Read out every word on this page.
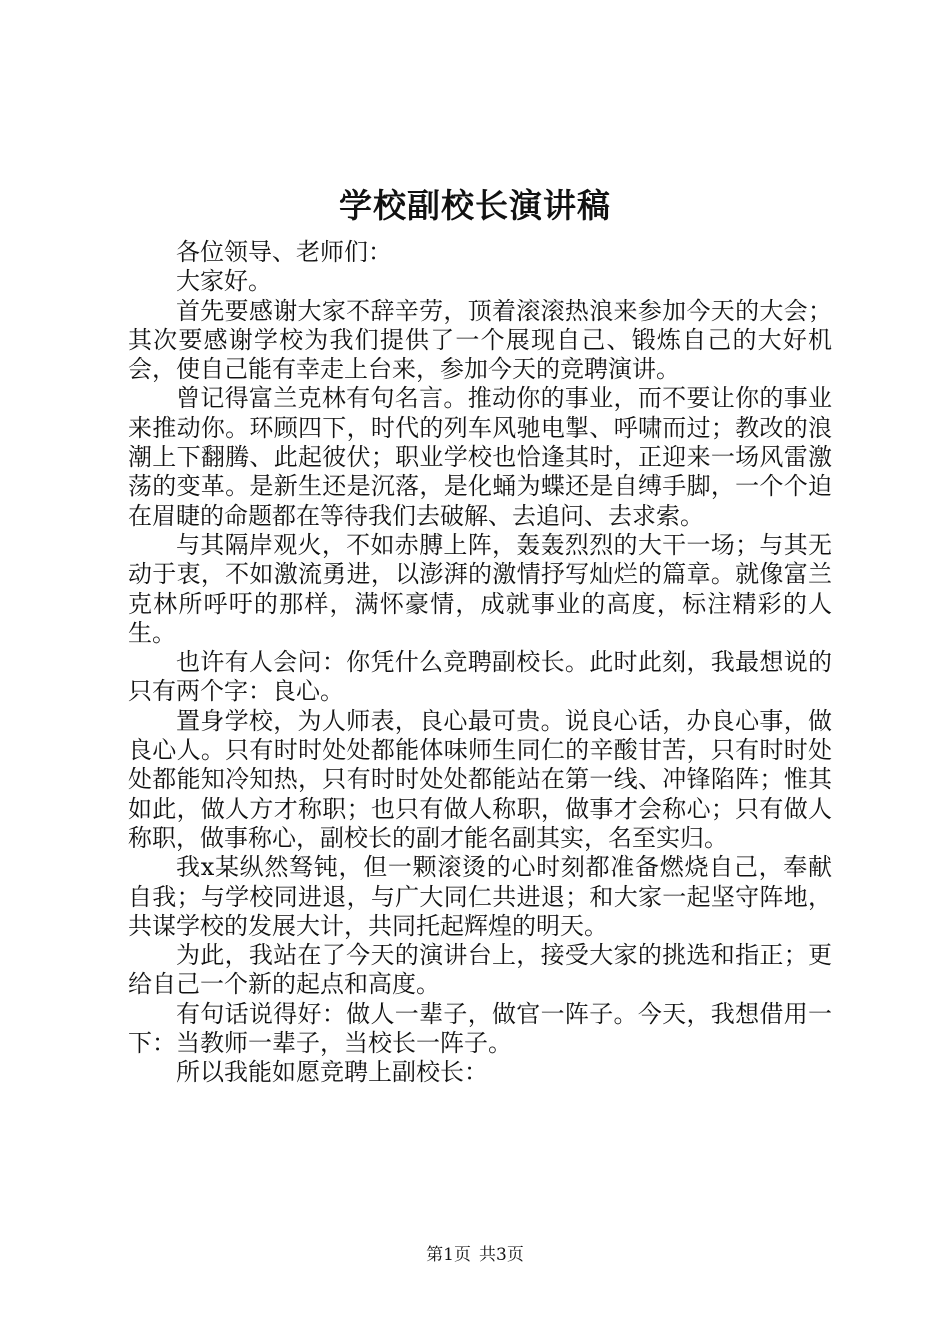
学校副校长演讲稿

各位领导、老师们：

大家好。

首先要感谢大家不辞辛劳，顶着滚滚热浪来参加今天的大会；其次要感谢学校为我们提供了一个展现自己、锻炼自己的大好机会，使自己能有幸走上台来，参加今天的竞聘演讲。

曾记得富兰克林有句名言。推动你的事业，而不要让你的事业来推动你。环顾四下，时代的列车风驰电掣、呼啸而过；教改的浪潮上下翻腾、此起彼伏；职业学校也恰逢其时，正迎来一场风雷激荡的变革。是新生还是沉落，是化蛹为蝶还是自缚手脚，一个个迫在眉睫的命题都在等待我们去破解、去追问、去求索。

与其隔岸观火，不如赤膊上阵，轰轰烈烈的大干一场；与其无动于衷，不如激流勇进，以澎湃的激情抒写灿烂的篇章。就像富兰克林所呼吁的那样，满怀豪情，成就事业的高度，标注精彩的人生。

也许有人会问：你凭什么竞聘副校长。此时此刻，我最想说的只有两个字：良心。

置身学校，为人师表，良心最可贵。说良心话，办良心事，做良心人。只有时时处处都能体味师生同仁的辛酸甘苦，只有时时处处都能知冷知热，只有时时处处都能站在第一线、冲锋陷阵；惟其如此，做人方才称职；也只有做人称职，做事才会称心；只有做人称职，做事称心，副校长的副才能名副其实，名至实归。

我x某纵然驽钝，但一颗滚烫的心时刻都准备燃烧自己，奉献自我；与学校同进退，与广大同仁共进退；和大家一起坚守阵地，共谋学校的发展大计，共同托起辉煌的明天。

为此，我站在了今天的演讲台上，接受大家的挑选和指正；更给自己一个新的起点和高度。

有句话说得好：做人一辈子，做官一阵子。今天，我想借用一下：当教师一辈子，当校长一阵子。

所以我能如愿竞聘上副校长：

第1页 共3页
